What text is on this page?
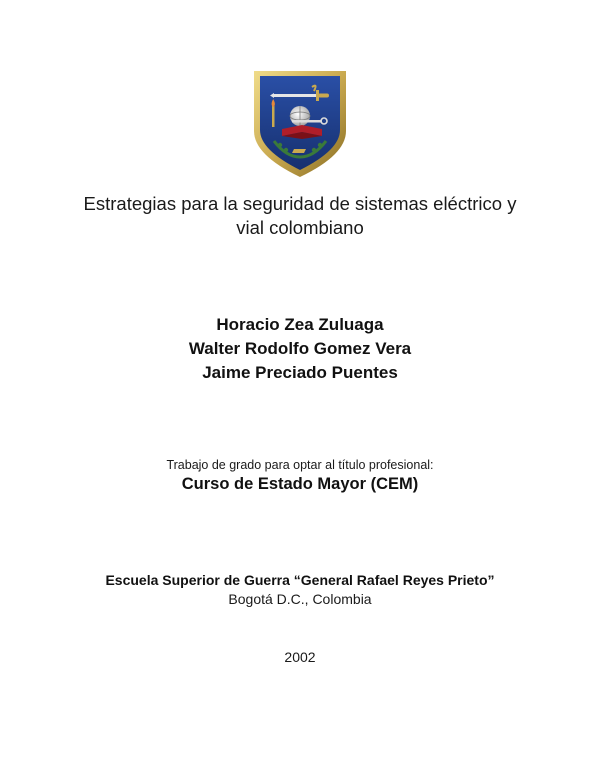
Estrategias para la seguridad de sistemas eléctrico y
vial colombiano
Horacio Zea Zuluaga
Walter Rodolfo Gomez Vera
Jaime Preciado Puentes
Trabajo de grado para optar al título profesional:
Curso de Estado Mayor (CEM)
Escuela Superior de Guerra “General Rafael Reyes Prieto”
Bogotá D.C., Colombia
2002
